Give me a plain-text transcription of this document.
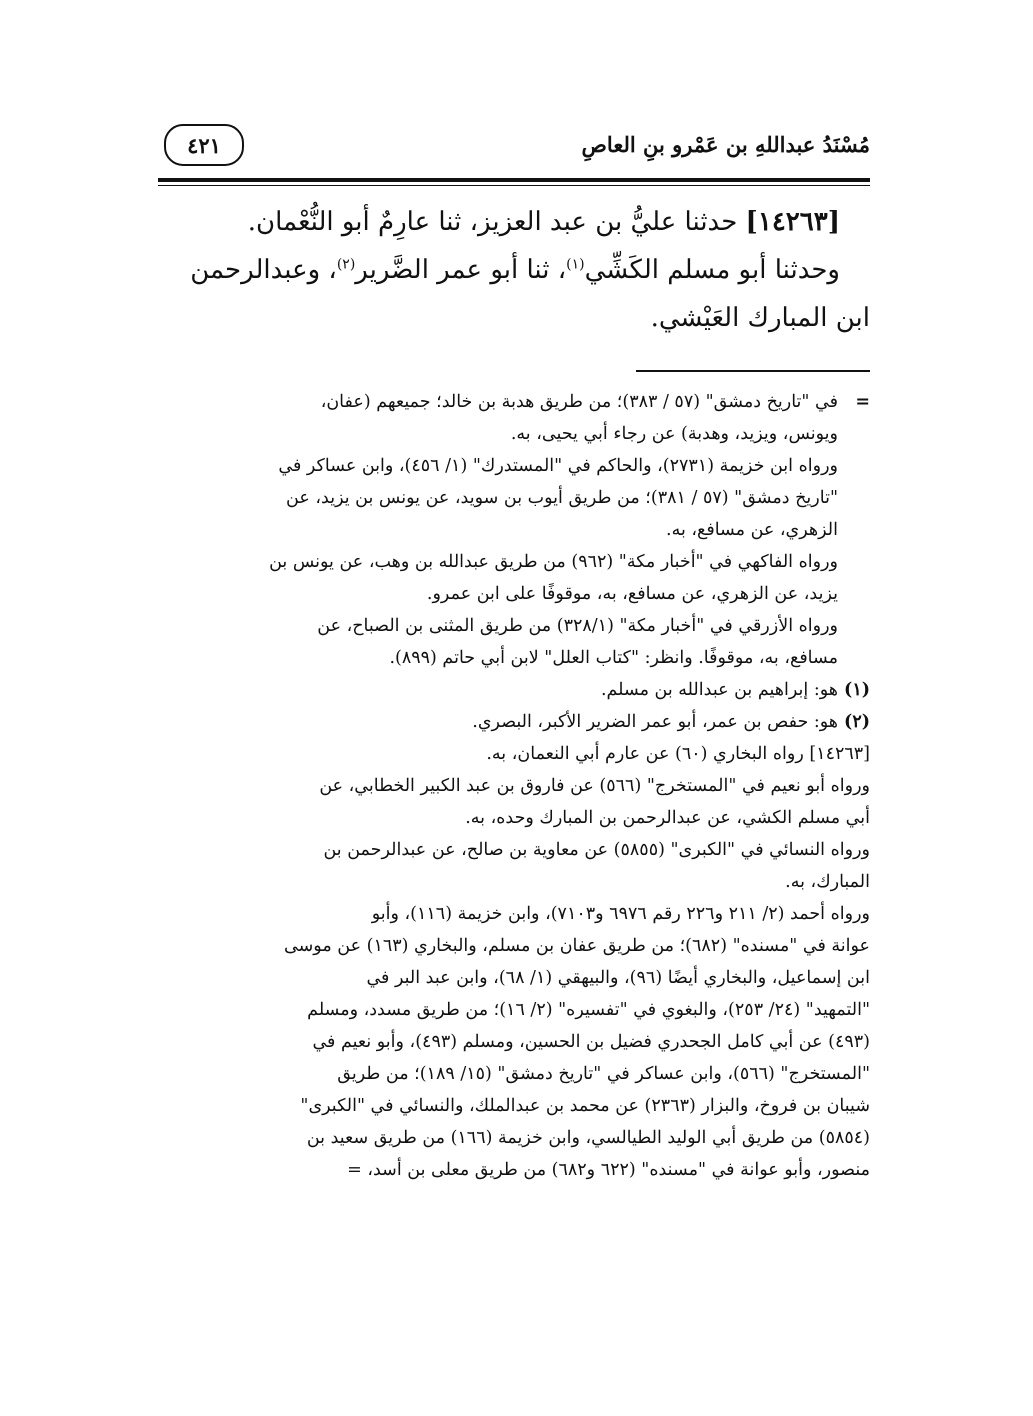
مُسْنَدُ عبداللهِ بن عَمْرو بنِ العاصِ
٤٢١

[١٤٢٦٣] حدثنا عليُّ بن عبد العزيز، ثنا عارِمٌ أبو النُّعْمان.

وحدثنا أبو مسلم الكَشِّي$^{(١)}$، ثنا أبو عمر الضَّرير$^{(٢)}$، وعبدالرحمن

ابن المبارك العَيْشي.

=
في "تاريخ دمشق" (٥٧ / ٣٨٣)؛ من طريق هدبة بن خالد؛ جميعهم (عفان،
ويونس، ويزيد، وهدبة) عن رجاء أبي يحيى، به.
ورواه ابن خزيمة (٢٧٣١)، والحاكم في "المستدرك" (١/ ٤٥٦)، وابن عساكر في
"تاريخ دمشق" (٥٧ / ٣٨١)؛ من طريق أيوب بن سويد، عن يونس بن يزيد، عن
الزهري، عن مسافع، به.
ورواه الفاكهي في "أخبار مكة" (٩٦٢) من طريق عبدالله بن وهب، عن يونس بن
يزيد، عن الزهري، عن مسافع، به، موقوفًا على ابن عمرو.
ورواه الأزرقي في "أخبار مكة" (٣٢٨/١) من طريق المثنى بن الصباح، عن
مسافع، به، موقوفًا. وانظر: "كتاب العلل" لابن أبي حاتم (٨٩٩).
(١)
هو: إبراهيم بن عبدالله بن مسلم.
(٢)
هو: حفص بن عمر، أبو عمر الضرير الأكبر، البصري.
[١٤٢٦٣] رواه البخاري (٦٠) عن عارم أبي النعمان، به.
ورواه أبو نعيم في "المستخرج" (٥٦٦) عن فاروق بن عبد الكبير الخطابي، عن
أبي مسلم الكشي، عن عبدالرحمن بن المبارك وحده، به.
ورواه النسائي في "الكبرى" (٥٨٥٥) عن معاوية بن صالح، عن عبدالرحمن بن
المبارك، به.
ورواه أحمد (٢/ ٢١١ و٢٢٦ رقم ٦٩٧٦ و٧١٠٣)، وابن خزيمة (١١٦)، وأبو
عوانة في "مسنده" (٦٨٢)؛ من طريق عفان بن مسلم، والبخاري (١٦٣) عن موسى
ابن إسماعيل، والبخاري أيضًا (٩٦)، والبيهقي (١/ ٦٨)، وابن عبد البر في
"التمهيد" (٢٤/ ٢٥٣)، والبغوي في "تفسيره" (٢/ ١٦)؛ من طريق مسدد، ومسلم
(٤٩٣) عن أبي كامل الجحدري فضيل بن الحسين، ومسلم (٤٩٣)، وأبو نعيم في
"المستخرج" (٥٦٦)، وابن عساكر في "تاريخ دمشق" (١٥/ ١٨٩)؛ من طريق
شيبان بن فروخ، والبزار (٢٣٦٣) عن محمد بن عبدالملك، والنسائي في "الكبرى"
(٥٨٥٤) من طريق أبي الوليد الطيالسي، وابن خزيمة (١٦٦) من طريق سعيد بن
منصور، وأبو عوانة في "مسنده" (٦٢٢ و٦٨٢) من طريق معلى بن أسد، =
